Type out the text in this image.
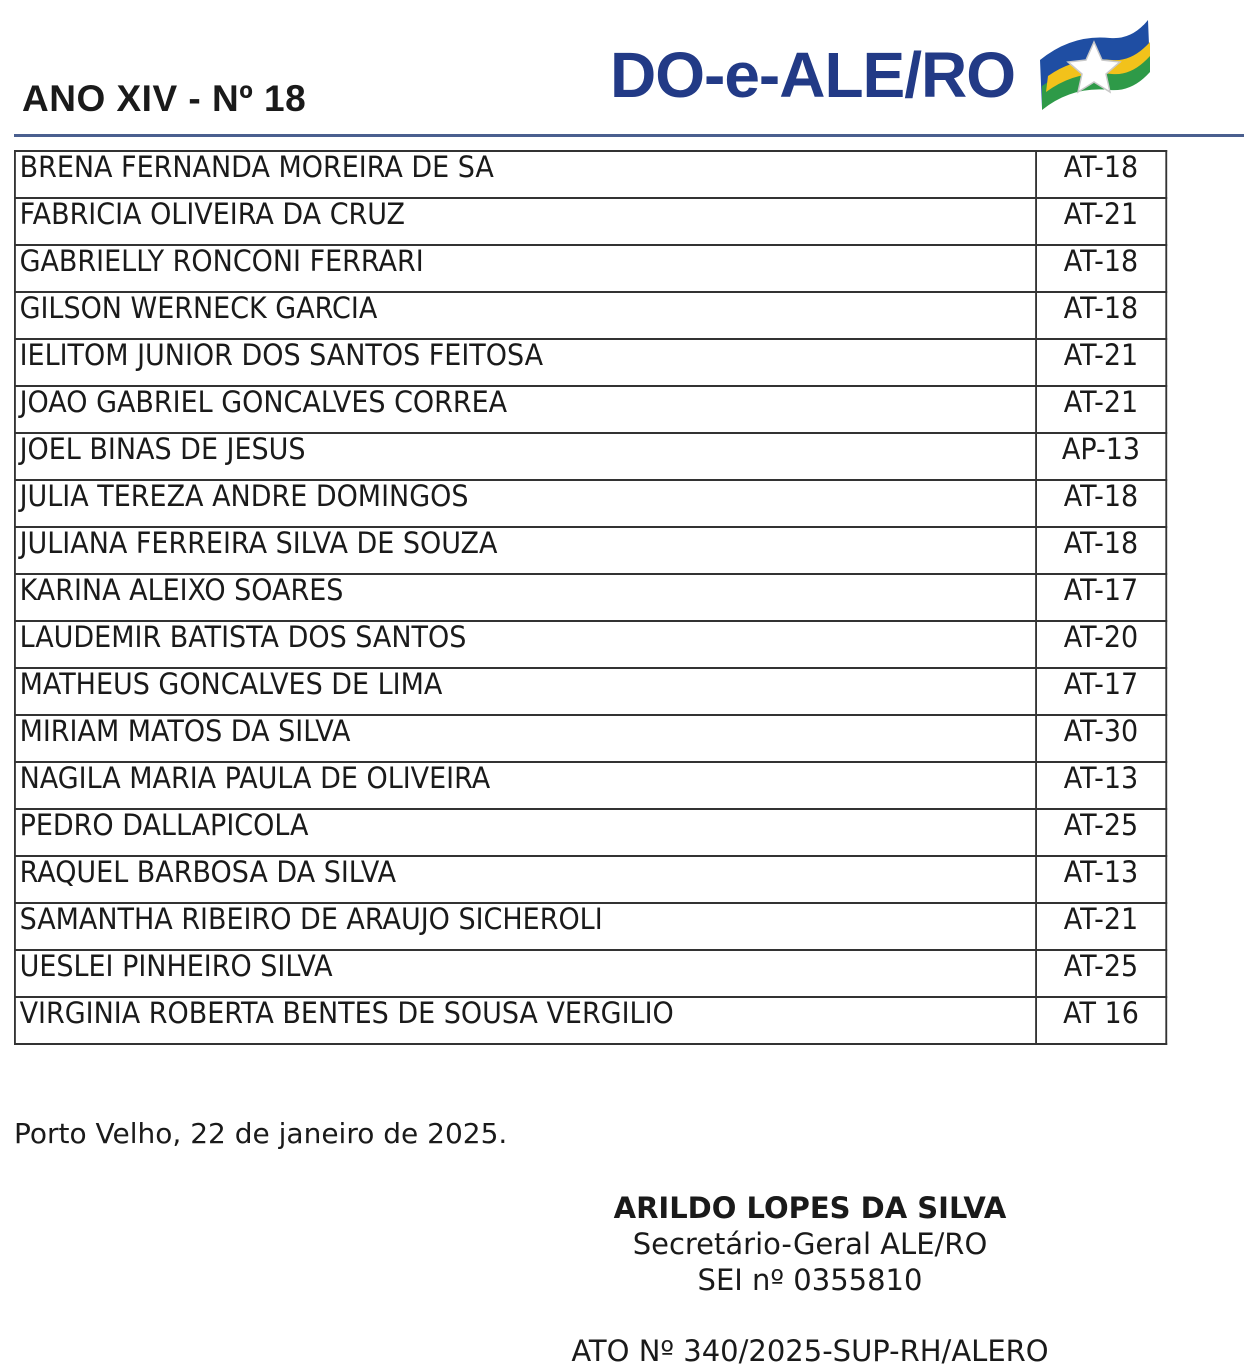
ANO XIV - Nº 18	DO-e-ALE/RO
BRENA FERNANDA MOREIRA DE SA	AT-18
FABRICIA OLIVEIRA DA CRUZ	AT-21
GABRIELLY RONCONI FERRARI	AT-18
GILSON WERNECK GARCIA	AT-18
IELITOM JUNIOR DOS SANTOS FEITOSA	AT-21
JOAO GABRIEL GONCALVES CORREA	AT-21
JOEL BINAS DE JESUS	AP-13
JULIA TEREZA ANDRE DOMINGOS	AT-18
JULIANA FERREIRA SILVA DE SOUZA	AT-18
KARINA ALEIXO SOARES	AT-17
LAUDEMIR BATISTA DOS SANTOS	AT-20
MATHEUS GONCALVES DE LIMA	AT-17
MIRIAM MATOS DA SILVA	AT-30
NAGILA MARIA PAULA DE OLIVEIRA	AT-13
PEDRO DALLAPICOLA	AT-25
RAQUEL BARBOSA DA SILVA	AT-13
SAMANTHA RIBEIRO DE ARAUJO SICHEROLI	AT-21
UESLEI PINHEIRO SILVA	AT-25
VIRGINIA ROBERTA BENTES DE SOUSA VERGILIO	AT 16
Porto Velho, 22 de janeiro de 2025.
ARILDO LOPES DA SILVA
Secretário-Geral ALE/RO
SEI nº 0355810
ATO Nº 340/2025-SUP-RH/ALERO
